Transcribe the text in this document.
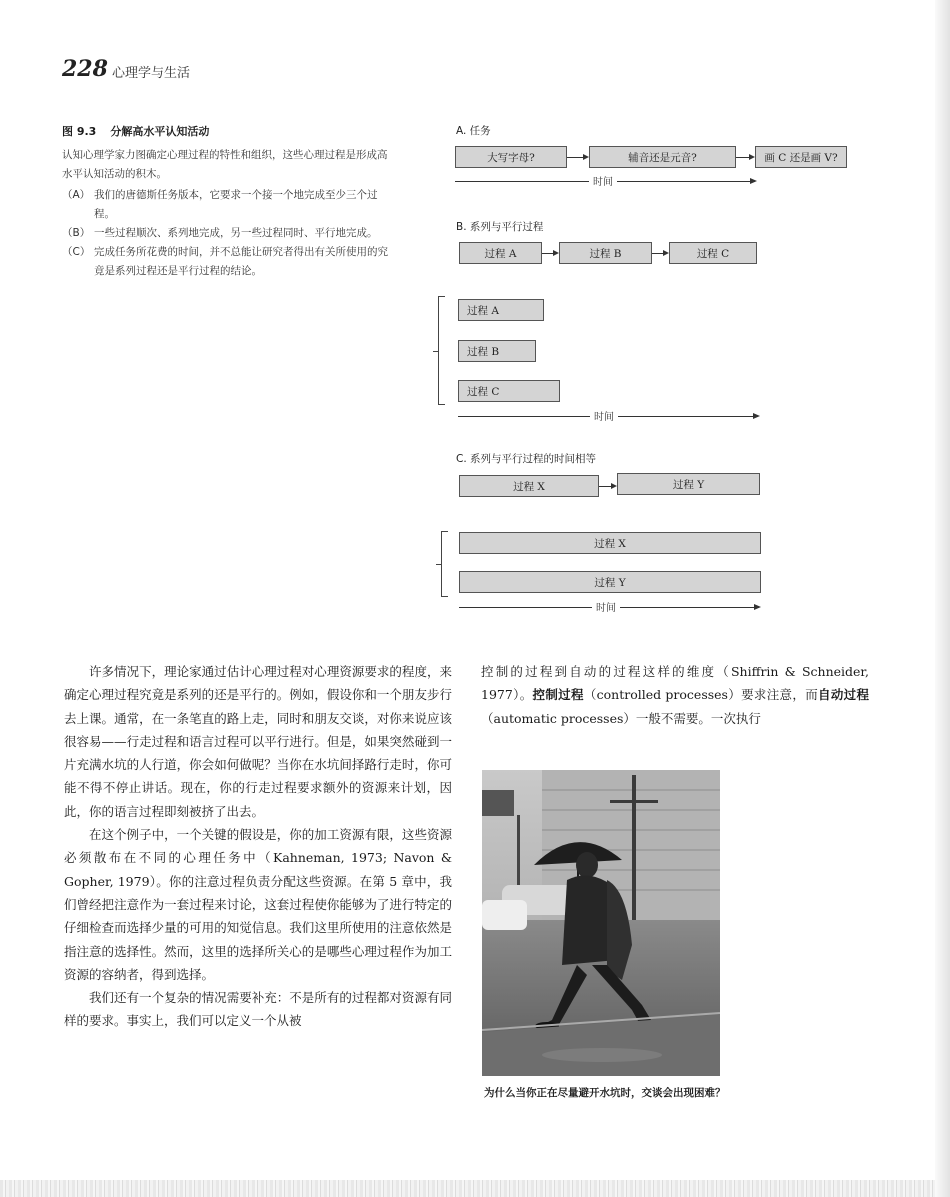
228 心理学与生活
图 9.3 分解高水平认知活动
认知心理学家力图确定心理过程的特性和组织，这些心理过程是形成高水平认知活动的积木。
（A） 我们的唐德斯任务版本，它要求一个接一个地完成至少三个过程。
（B） 一些过程顺次、系列地完成，另一些过程同时、平行地完成。
（C） 完成任务所花费的时间，并不总能让研究者得出有关所使用的究竟是系列过程还是平行过程的结论。
A. 任务
大写字母?	辅音还是元音?	画 C 还是画 V?
时间
B. 系列与平行过程
过程 A	过程 B	过程 C
过程 A
过程 B
过程 C
时间
C. 系列与平行过程的时间相等
过程 X	过程 Y
过程 X
过程 Y
时间

许多情况下，理论家通过估计心理过程对心理资源要求的程度，来确定心理过程究竟是系列的还是平行的。例如，假设你和一个朋友步行去上课。通常，在一条笔直的路上走，同时和朋友交谈，对你来说应该很容易——行走过程和语言过程可以平行进行。但是，如果突然碰到一片充满水坑的人行道，你会如何做呢？当你在水坑间择路行走时，你可能不得不停止讲话。现在，你的行走过程要求额外的资源来计划，因此，你的语言过程即刻被挤了出去。

在这个例子中，一个关键的假设是，你的加工资源有限，这些资源必须散布在不同的心理任务中（Kahneman, 1973; Navon & Gopher, 1979）。你的注意过程负责分配这些资源。在第 5 章中，我们曾经把注意作为一套过程来讨论，这套过程使你能够为了进行特定的仔细检查而选择少量的可用的知觉信息。我们这里所使用的注意依然是指注意的选择性。然而，这里的选择所关心的是哪些心理过程作为加工资源的容纳者，得到选择。

我们还有一个复杂的情况需要补充：不是所有的过程都对资源有同样的要求。事实上，我们可以定义一个从被

控制的过程到自动的过程这样的维度（Shiffrin & Schneider, 1977）。控制过程（controlled processes）要求注意，而自动过程（automatic processes）一般不需要。一次执行

为什么当你正在尽量避开水坑时，交谈会出现困难？
